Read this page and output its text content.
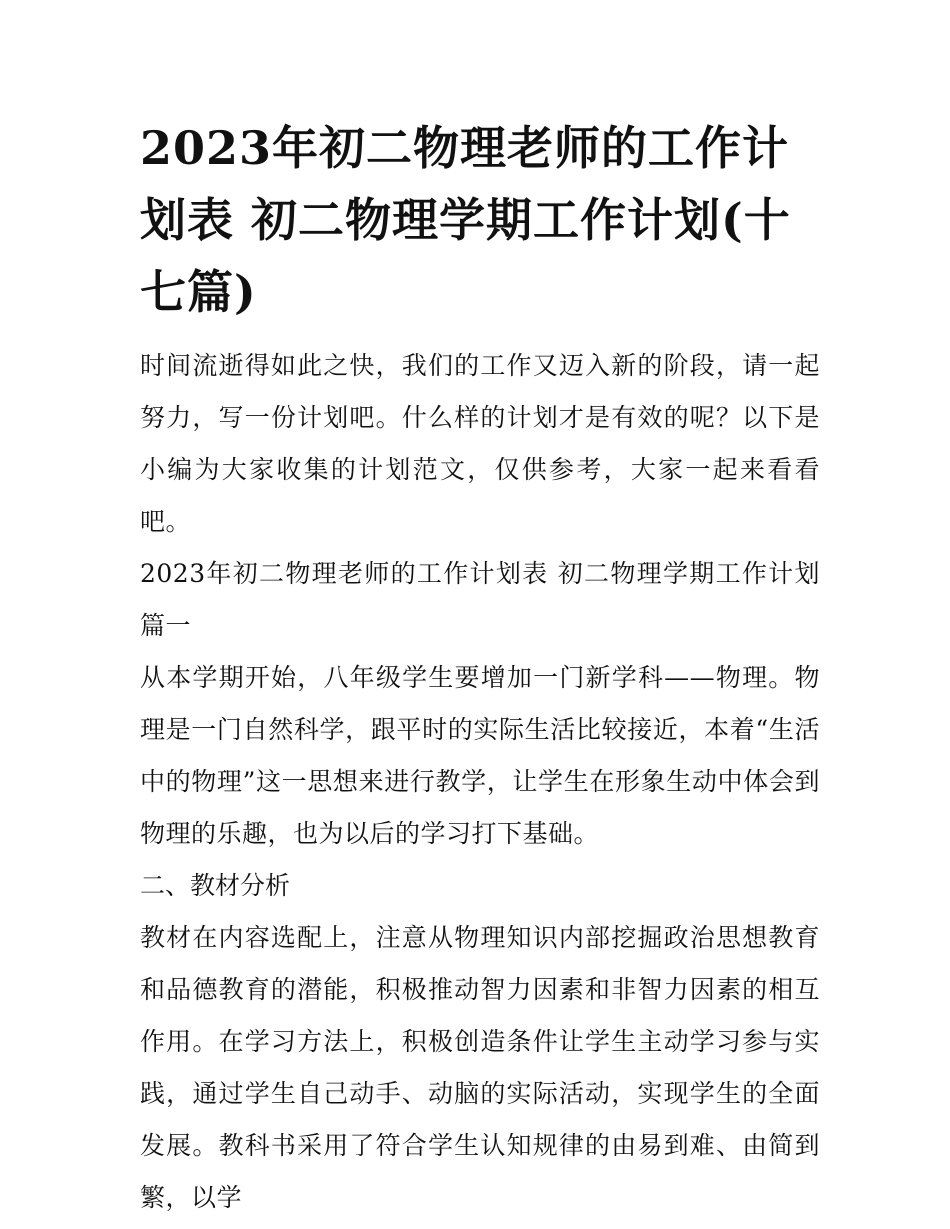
2023年初二物理老师的工作计划表 初二物理学期工作计划(十七篇)

时间流逝得如此之快，我们的工作又迈入新的阶段，请一起努力，写一份计划吧。什么样的计划才是有效的呢？以下是小编为大家收集的计划范文，仅供参考，大家一起来看看吧。

2023年初二物理老师的工作计划表 初二物理学期工作计划篇一

从本学期开始，八年级学生要增加一门新学科——物理。物理是一门自然科学，跟平时的实际生活比较接近，本着“生活中的物理”这一思想来进行教学，让学生在形象生动中体会到物理的乐趣，也为以后的学习打下基础。

二、教材分析

教材在内容选配上，注意从物理知识内部挖掘政治思想教育和品德教育的潜能，积极推动智力因素和非智力因素的相互作用。在学习方法上，积极创造条件让学生主动学习参与实践，通过学生自己动手、动脑的实际活动，实现学生的全面发展。教科书采用了符合学生认知规律的由易到难、由简到繁，以学
